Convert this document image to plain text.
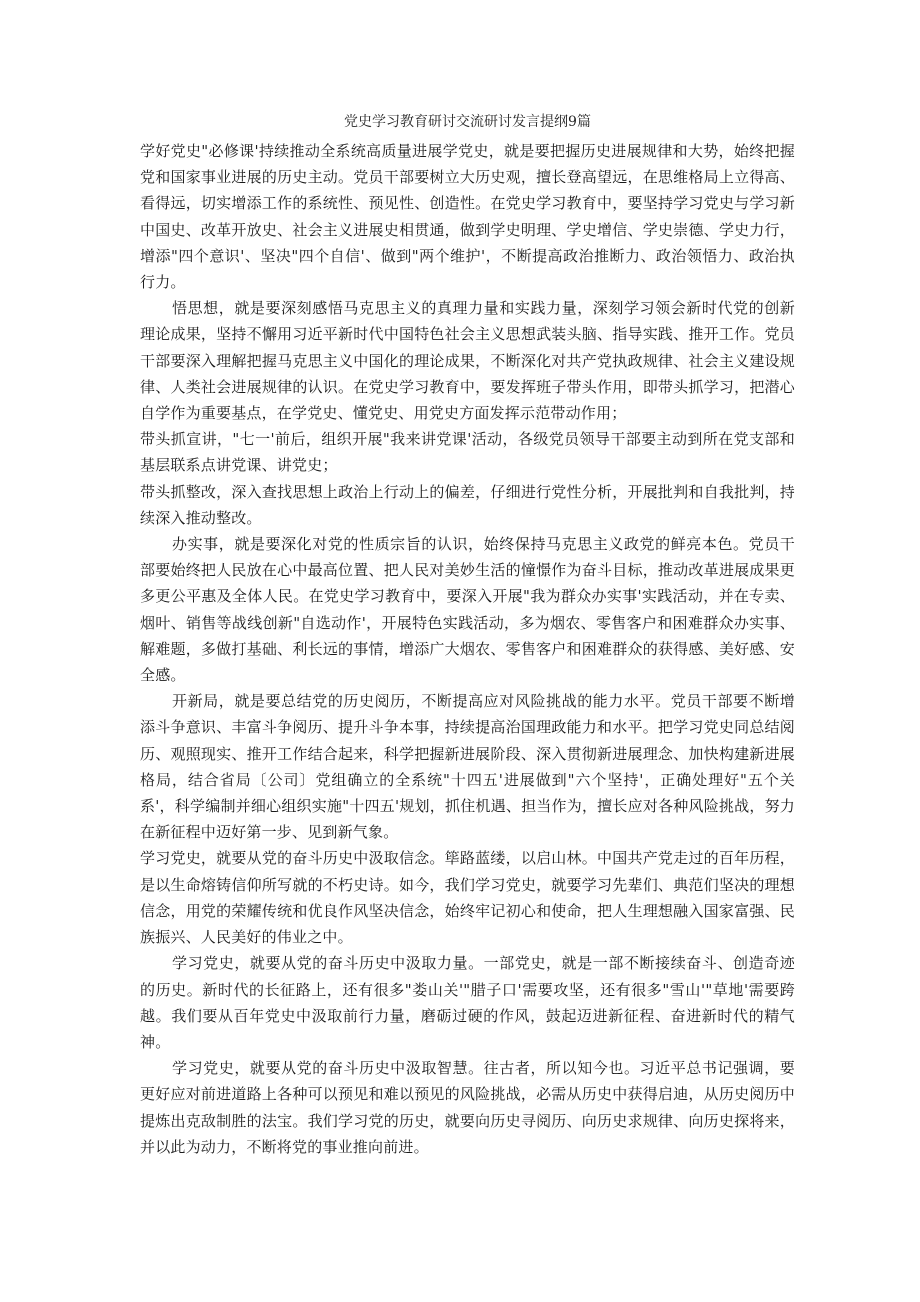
党史学习教育研讨交流研讨发言提纲9篇

学好党史"必修课'持续推动全系统高质量进展学党史，就是要把握历史进展规律和大势，始终把握党和国家事业进展的历史主动。党员干部要树立大历史观，擅长登高望远，在思维格局上立得高、看得远，切实增添工作的系统性、预见性、创造性。在党史学习教育中，要坚持学习党史与学习新中国史、改革开放史、社会主义进展史相贯通，做到学史明理、学史增信、学史崇德、学史力行，增添"四个意识'、坚决"四个自信'、做到"两个维护'，不断提高政治推断力、政治领悟力、政治执行力。

悟思想，就是要深刻感悟马克思主义的真理力量和实践力量，深刻学习领会新时代党的创新理论成果，坚持不懈用习近平新时代中国特色社会主义思想武装头脑、指导实践、推开工作。党员干部要深入理解把握马克思主义中国化的理论成果，不断深化对共产党执政规律、社会主义建设规律、人类社会进展规律的认识。在党史学习教育中，要发挥班子带头作用，即带头抓学习，把潜心自学作为重要基点，在学党史、懂党史、用党史方面发挥示范带动作用；

带头抓宣讲，"七一'前后，组织开展"我来讲党课'活动，各级党员领导干部要主动到所在党支部和基层联系点讲党课、讲党史；

带头抓整改，深入查找思想上政治上行动上的偏差，仔细进行党性分析，开展批判和自我批判，持续深入推动整改。

办实事，就是要深化对党的性质宗旨的认识，始终保持马克思主义政党的鲜亮本色。党员干部要始终把人民放在心中最高位置、把人民对美妙生活的憧憬作为奋斗目标，推动改革进展成果更多更公平惠及全体人民。在党史学习教育中，要深入开展"我为群众办实事'实践活动，并在专卖、烟叶、销售等战线创新"自选动作'，开展特色实践活动，多为烟农、零售客户和困难群众办实事、解难题，多做打基础、利长远的事情，增添广大烟农、零售客户和困难群众的获得感、美好感、安全感。

开新局，就是要总结党的历史阅历，不断提高应对风险挑战的能力水平。党员干部要不断增添斗争意识、丰富斗争阅历、提升斗争本事，持续提高治国理政能力和水平。把学习党史同总结阅历、观照现实、推开工作结合起来，科学把握新进展阶段、深入贯彻新进展理念、加快构建新进展格局，结合省局〔公司〕党组确立的全系统"十四五'进展做到"六个坚持'，正确处理好"五个关系'，科学编制并细心组织实施"十四五'规划，抓住机遇、担当作为，擅长应对各种风险挑战，努力在新征程中迈好第一步、见到新气象。

学习党史，就要从党的奋斗历史中汲取信念。筚路蓝缕，以启山林。中国共产党走过的百年历程，是以生命熔铸信仰所写就的不朽史诗。如今，我们学习党史，就要学习先辈们、典范们坚决的理想信念，用党的荣耀传统和优良作风坚决信念，始终牢记初心和使命，把人生理想融入国家富强、民族振兴、人民美好的伟业之中。

学习党史，就要从党的奋斗历史中汲取力量。一部党史，就是一部不断接续奋斗、创造奇迹的历史。新时代的长征路上，还有很多"娄山关'"腊子口'需要攻坚，还有很多"雪山'"草地'需要跨越。我们要从百年党史中汲取前行力量，磨砺过硬的作风，鼓起迈进新征程、奋进新时代的精气神。

学习党史，就要从党的奋斗历史中汲取智慧。往古者，所以知今也。习近平总书记强调，要更好应对前进道路上各种可以预见和难以预见的风险挑战，必需从历史中获得启迪，从历史阅历中提炼出克敌制胜的法宝。我们学习党的历史，就要向历史寻阅历、向历史求规律、向历史探将来，并以此为动力，不断将党的事业推向前进。
